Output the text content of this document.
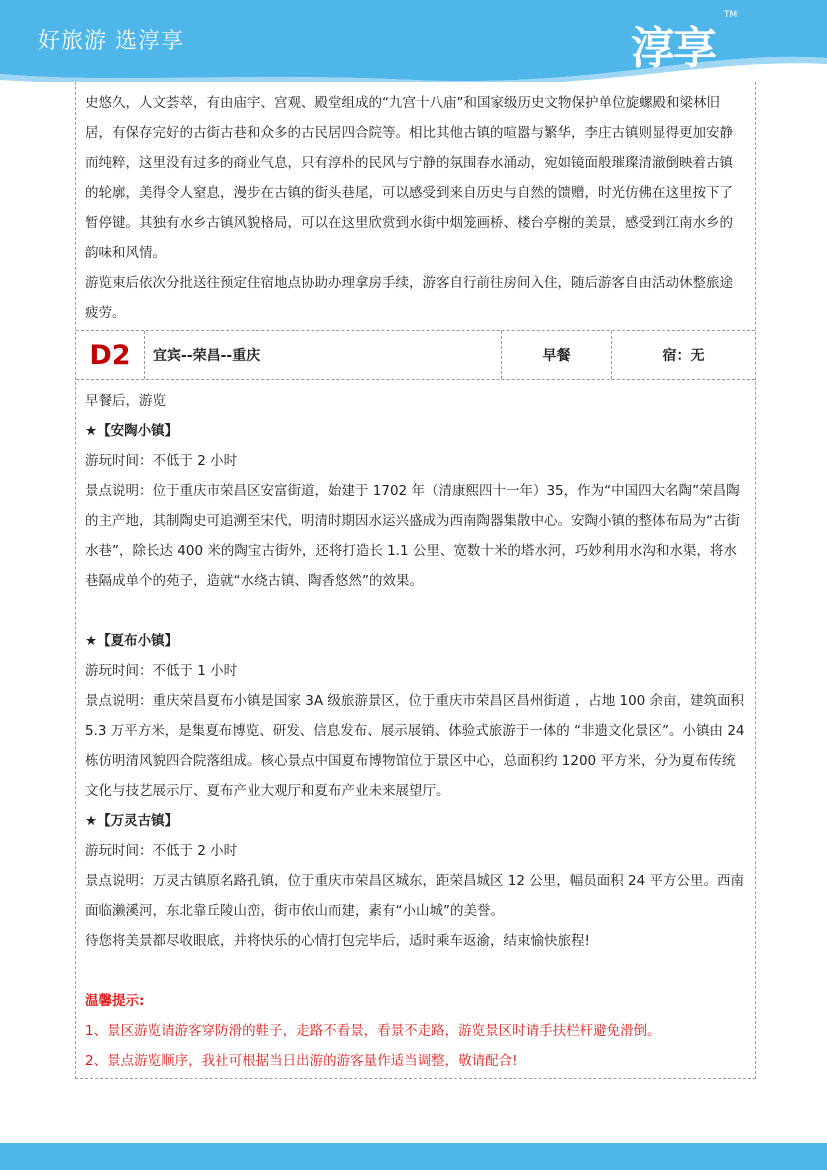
好旅游 选淳享	淳享
TM

史悠久，人文荟萃，有由庙宇、宫观、殿堂组成的“九宫十八庙”和国家级历史文物保护单位旋螺殿和梁林旧居，有保存完好的古街古巷和众多的古民居四合院等。相比其他古镇的喧嚣与繁华，李庄古镇则显得更加安静而纯粹，这里没有过多的商业气息，只有淳朴的民风与宁静的氛围春水涌动，宛如镜面般璀璨清澈倒映着古镇的轮廓，美得令人窒息，漫步在古镇的街头巷尾，可以感受到来自历史与自然的馈赠，时光仿佛在这里按下了暂停键。其独有水乡古镇风貌格局，可以在这里欣赏到水街中烟笼画桥、楼台亭榭的美景，感受到江南水乡的韵味和风情。

游览束后依次分批送往预定住宿地点协助办理拿房手续，游客自行前往房间入住，随后游客自由活动休整旅途疲劳。

D2	宜宾--荣昌--重庆	早餐	宿：无

早餐后，游览

★【安陶小镇】

游玩时间：不低于 2 小时

景点说明：位于重庆市荣昌区安富街道，始建于 1702 年（清康熙四十一年）35，作为“中国四大名陶”荣昌陶的主产地，其制陶史可追溯至宋代，明清时期因水运兴盛成为西南陶器集散中心。安陶小镇的整体布局为“古街水巷”，除长达 400 米的陶宝古街外，还将打造长 1.1 公里、宽数十米的塔水河，巧妙利用水沟和水渠，将水巷隔成单个的苑子，造就“水绕古镇、陶香悠然”的效果。

★【夏布小镇】

游玩时间：不低于 1 小时

景点说明：重庆荣昌夏布小镇是国家 3A 级旅游景区，位于重庆市荣昌区昌州街道 ，占地 100 余亩，建筑面积 5.3 万平方米，是集夏布博览、研发、信息发布、展示展销、体验式旅游于一体的 “非遗文化景区”。小镇由 24 栋仿明清风貌四合院落组成。核心景点中国夏布博物馆位于景区中心，总面积约 1200 平方米，分为夏布传统文化与技艺展示厅、夏布产业大观厅和夏布产业未来展望厅。

★【万灵古镇】

游玩时间：不低于 2 小时

景点说明：万灵古镇原名路孔镇，位于重庆市荣昌区城东，距荣昌城区 12 公里，幅员面积 24 平方公里。西南面临濑溪河，东北靠丘陵山峦，街市依山而建，素有“小山城”的美誉。

待您将美景都尽收眼底，并将快乐的心情打包完毕后，适时乘车返渝，结束愉快旅程!

温馨提示:

1、景区游览请游客穿防滑的鞋子，走路不看景，看景不走路，游览景区时请手扶栏杆避免滑倒。

2、景点游览顺序，我社可根据当日出游的游客量作适当调整，敬请配合!
